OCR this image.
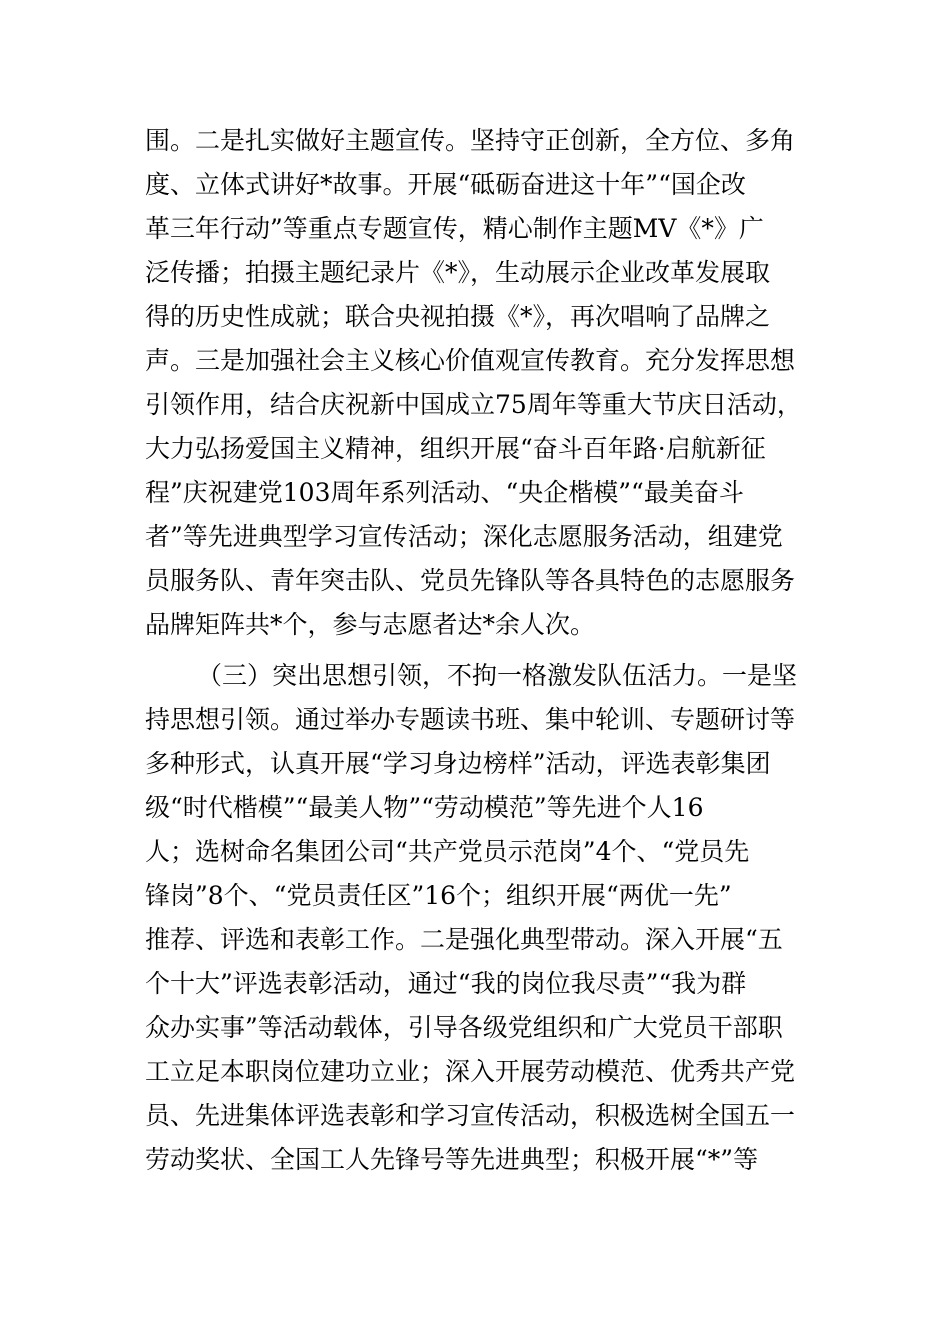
围。二是扎实做好主题宣传。坚持守正创新，全方位、多角
度、立体式讲好*故事。开展“砥砺奋进这十年”“国企改
革三年行动”等重点专题宣传，精心制作主题MV《*》广
泛传播；拍摄主题纪录片《*》，生动展示企业改革发展取
得的历史性成就；联合央视拍摄《*》，再次唱响了品牌之
声。三是加强社会主义核心价值观宣传教育。充分发挥思想
引领作用，结合庆祝新中国成立75周年等重大节庆日活动，
大力弘扬爱国主义精神，组织开展“奋斗百年路·启航新征
程”庆祝建党103周年系列活动、“央企楷模”“最美奋斗
者”等先进典型学习宣传活动；深化志愿服务活动，组建党
员服务队、青年突击队、党员先锋队等各具特色的志愿服务
品牌矩阵共*个，参与志愿者达*余人次。
（三）突出思想引领，不拘一格激发队伍活力。一是坚
持思想引领。通过举办专题读书班、集中轮训、专题研讨等
多种形式，认真开展“学习身边榜样”活动，评选表彰集团
级“时代楷模”“最美人物”“劳动模范”等先进个人16
人；选树命名集团公司“共产党员示范岗”4个、“党员先
锋岗”8个、“党员责任区”16个；组织开展“两优一先”
推荐、评选和表彰工作。二是强化典型带动。深入开展“五
个十大”评选表彰活动，通过“我的岗位我尽责”“我为群
众办实事”等活动载体，引导各级党组织和广大党员干部职
工立足本职岗位建功立业；深入开展劳动模范、优秀共产党
员、先进集体评选表彰和学习宣传活动，积极选树全国五一
劳动奖状、全国工人先锋号等先进典型；积极开展“*”等
